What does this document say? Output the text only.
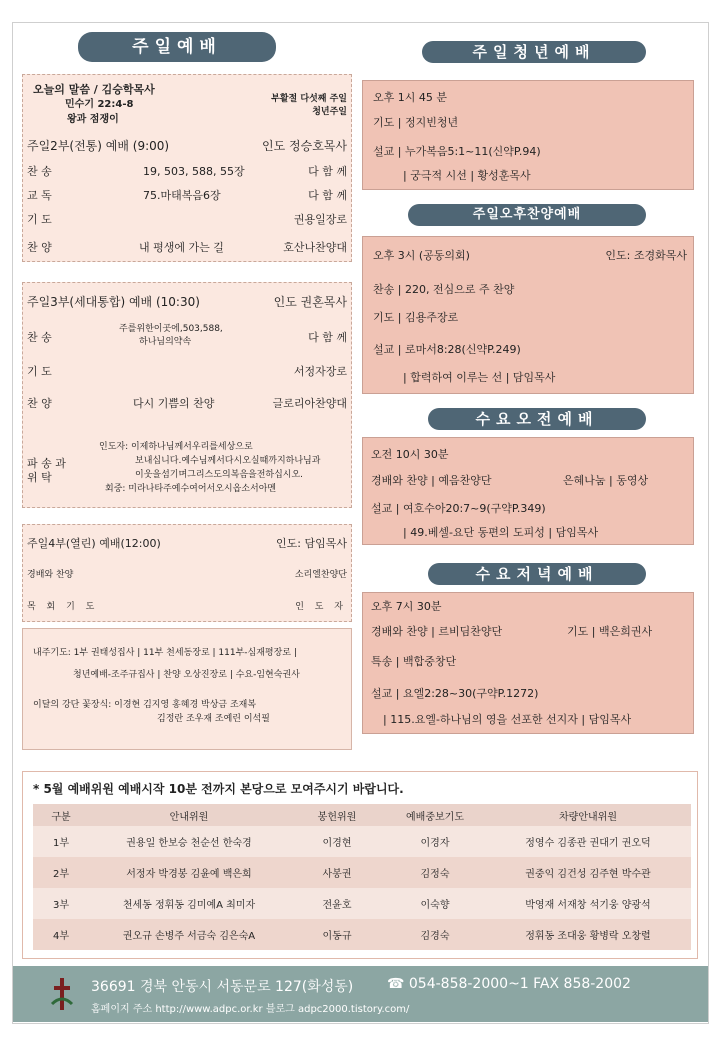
주일예배
오늘의 말씀 / 김승학목사
민수기 22:4-8
왕과 점쟁이
부활절 다섯째 주일
청년주일
주일2부(전통) 예배 (9:00)	인도 정승호목사
찬 송	19, 503, 588, 55장	다 함 께
교 독	75.마태복음6장	다 함 께
기 도	권용일장로
찬 양	내 평생에 가는 길	호산나찬양대
주일3부(세대통합) 예배 (10:30)	인도 권혼목사
찬 송
주를위한이곳에,503,588,
하나님의약속	다 함 께
기 도	서정자장로
찬 양	다시 기쁨의 찬양	글로리아찬양대
파 송 과
위 탁
인도자: 이제하나님께서우리를세상으로
보내십니다.예수님께서다시오실때까지하나님과
이웃을섬기며그리스도의복음을전하십시오.
회중: 미라나타주예수여어서오시옵소서아멘
주일4부(열린) 예배(12:00)	인도: 담임목사
경배와 찬양	소리엘찬양단
목 회 기 도	인 도 자
내주기도: 1부 권태성집사 | 11부 천세동장로 | 111부-심재평장로 |
청년예배-조주규집사 | 찬양 오상진장로 | 수요-임현숙권사
이달의 강단 꽃장식: 이경현 김지영 홍혜경 박상금 조재복
김정란 조우재 조예린 이석필
주일청년예배
오후 1시 45 분
기도 | 정지빈청년
설교 | 누가복음5:1~11(신약P.94)
| 궁극적 시선 | 황성훈목사
주일오후찬양예배
오후 3시 (공동의회)	인도: 조경화목사
찬송 | 220, 전심으로 주 찬양
기도 | 김용주장로
설교 | 로마서8:28(신약P.249)
| 합력하여 이루는 선 | 담임목사
수요오전예배
오전 10시 30분
경배와 찬양 | 예음찬양단	은혜나눔 | 동영상
설교 | 여호수아20:7~9(구약P.349)
| 49.베셀-요단 동편의 도피성 | 담임목사
수요저녁예배
오후 7시 30분
경배와 찬양 | 르비딤찬양단	기도 | 백은희권사
특송 | 백합중창단
설교 | 요엘2:28~30(구약P.1272)
| 115.요엘-하나님의 영을 선포한 선지자 | 담임목사
* 5월 예배위원 예배시작 10분 전까지 본당으로 모여주시기 바랍니다.
구분	안내위원	봉헌위원	예배중보기도	차량안내위원
1부	권용일 한보승 천순선 한숙경	이경현	이경자	정영수 김종관 권대기 권오덕
2부	서정자 박경봉 김윤예 백은희	사봉권	김정숙	권중익 김건성 김주현 박수관
3부	천세동 정휘동 김미예A 최미자	전윤호	이숙향	박영재 서재창 석기웅 양광석
4부	권오규 손병주 서금숙 김은숙A	이동규	김경숙	정휘동 조대웅 황병락 오창렬
36691 경북 안동시 서동문로 127(화성동) ☎ 054-858-2000~1 FAX 858-2002
홈페이지 주소 http://www.adpc.or.kr 블로그 adpc2000.tistory.com/
